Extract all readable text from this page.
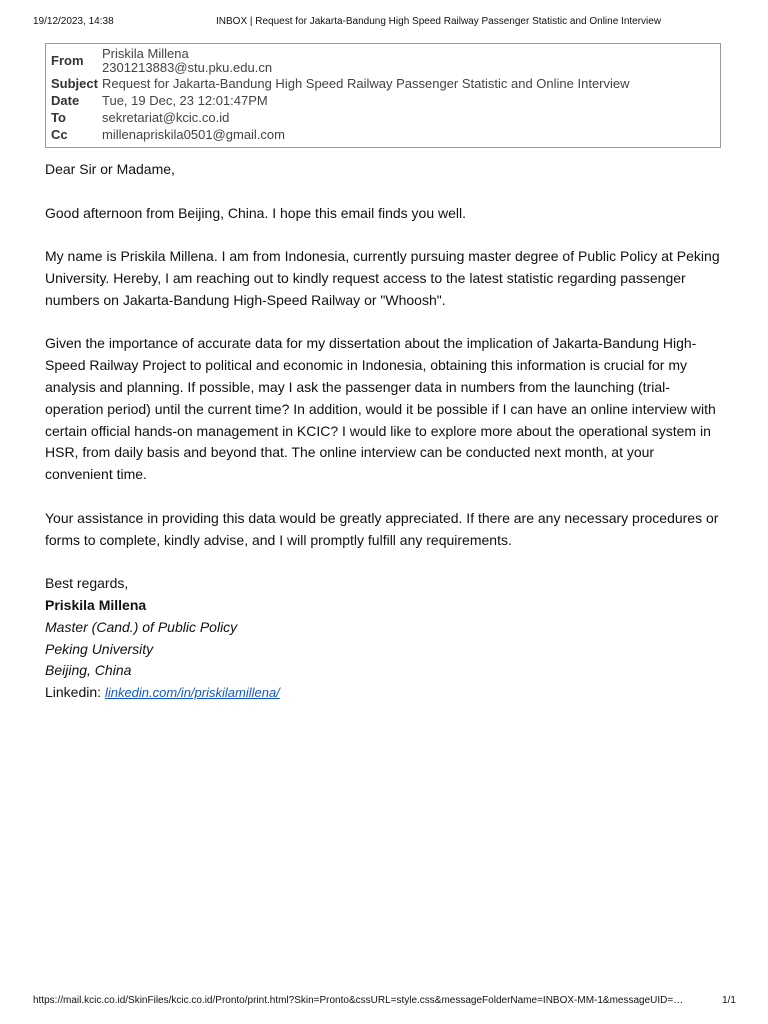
19/12/2023, 14:38	INBOX | Request for Jakarta-Bandung High Speed Railway Passenger Statistic and Online Interview
From	Priskila Millena
2301213883@stu.pku.edu.cn
Subject Request for Jakarta-Bandung High Speed Railway Passenger Statistic and Online Interview
Date	Tue, 19 Dec, 23 12:01:47PM
To	sekretariat@kcic.co.id
Cc	millenapriskila0501@gmail.com

Dear Sir or Madame,

Good afternoon from Beijing, China. I hope this email finds you well.

My name is Priskila Millena. I am from Indonesia, currently pursuing master degree of Public Policy at Peking University. Hereby, I am reaching out to kindly request access to the latest statistic regarding passenger numbers on Jakarta-Bandung High-Speed Railway or "Whoosh".

Given the importance of accurate data for my dissertation about the implication of Jakarta-Bandung High-Speed Railway Project to political and economic in Indonesia, obtaining this information is crucial for my analysis and planning. If possible, may I ask the passenger data in numbers from the launching (trial-operation period) until the current time? In addition, would it be possible if I can have an online interview with certain official hands-on management in KCIC? I would like to explore more about the operational system in HSR, from daily basis and beyond that. The online interview can be conducted next month, at your convenient time.

Your assistance in providing this data would be greatly appreciated. If there are any necessary procedures or forms to complete, kindly advise, and I will promptly fulfill any requirements.

Best regards,
Priskila Millena
Master (Cand.) of Public Policy
Peking University
Beijing, China
Linkedin: linkedin.com/in/priskilamillena/
https://mail.kcic.co.id/SkinFiles/kcic.co.id/Pronto/print.html?Skin=Pronto&cssURL=style.css&messageFolderName=INBOX-MM-1&messageUID=…	1/1
